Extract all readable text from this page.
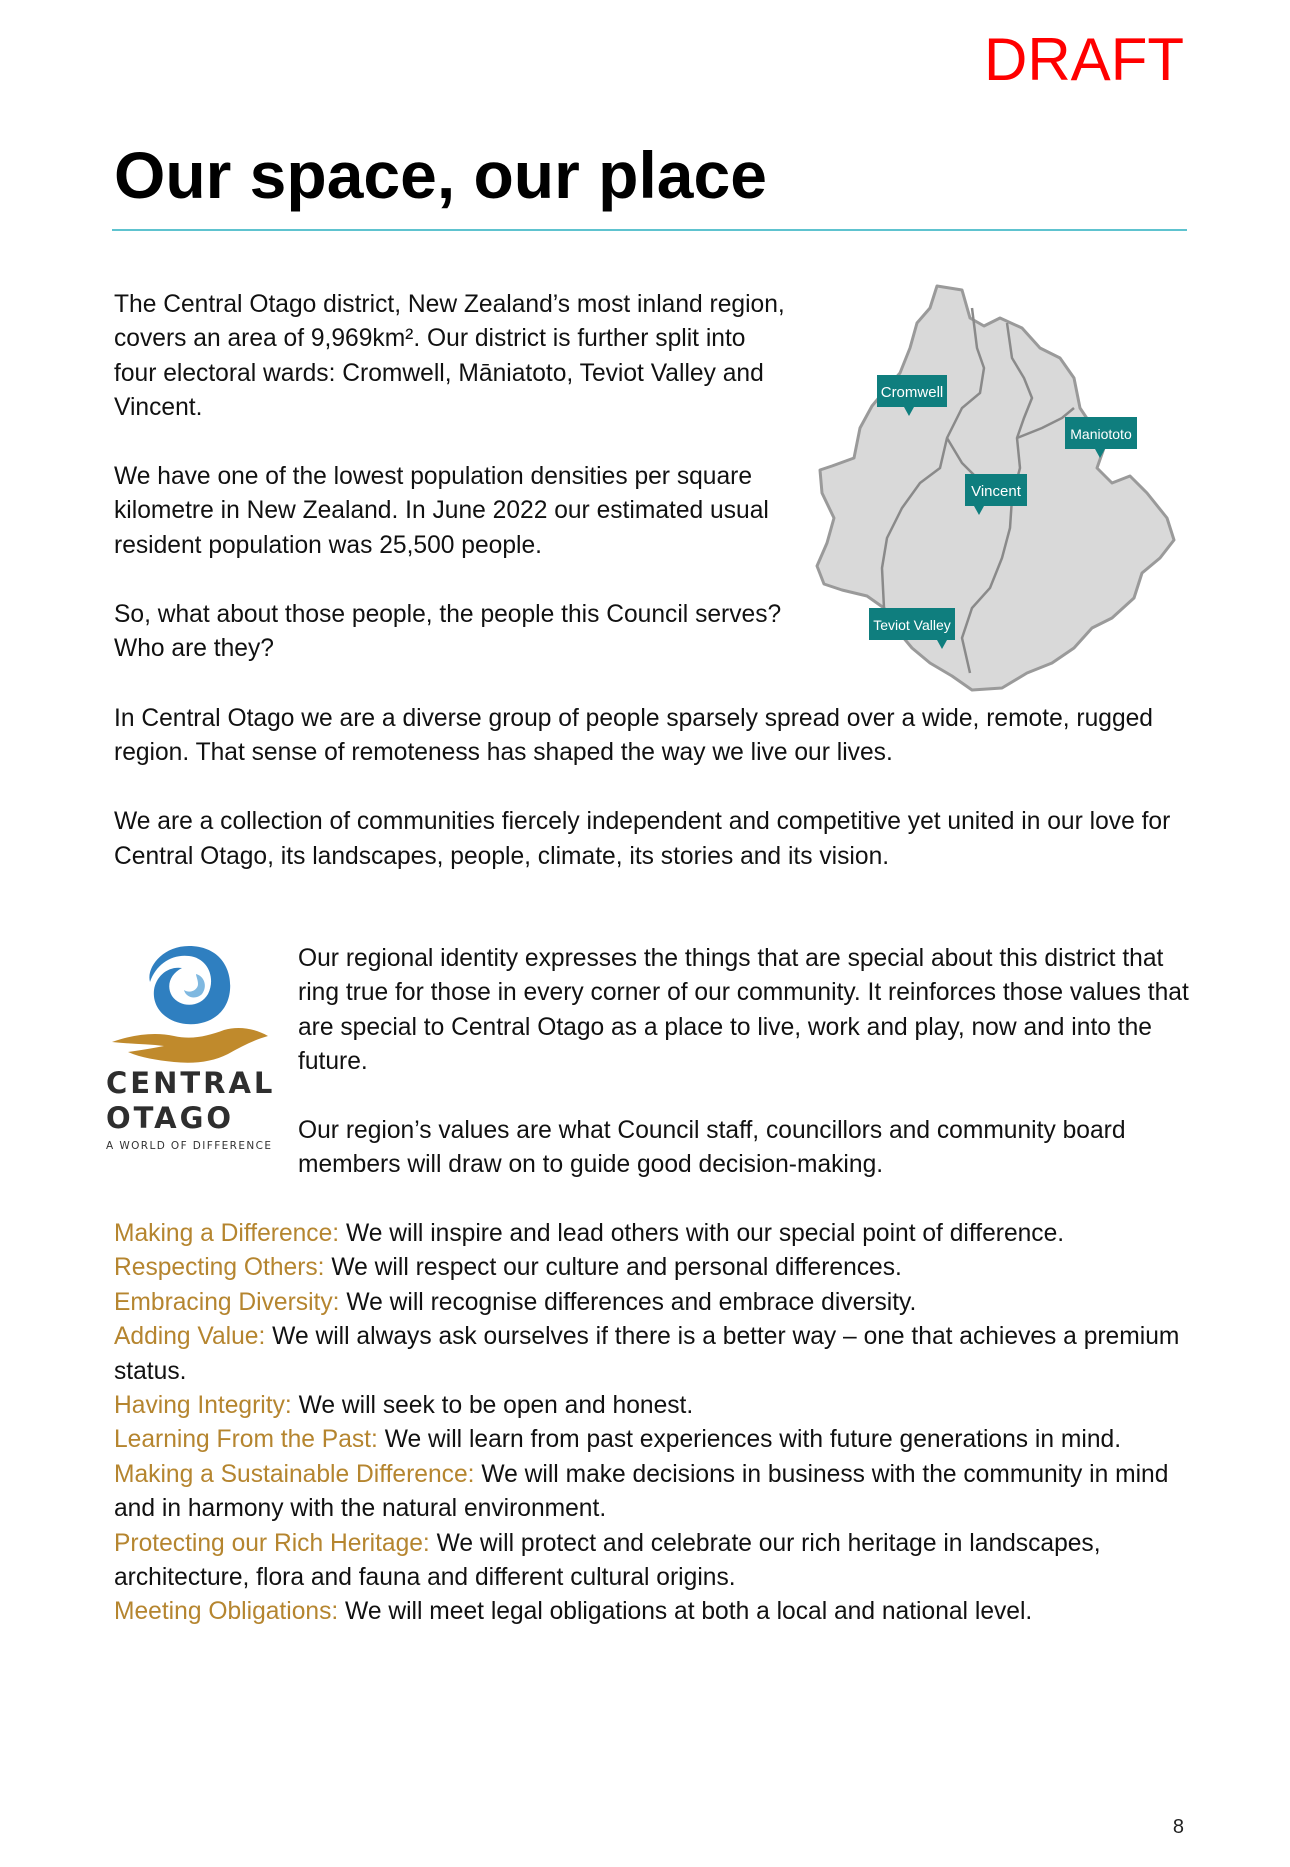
DRAFT
Our space, our place

The Central Otago district, New Zealand’s most inland region, covers an area of 9,969km². Our district is further split into four electoral wards: Cromwell, Māniatoto, Teviot Valley and Vincent.

We have one of the lowest population densities per square kilometre in New Zealand. In June 2022 our estimated usual resident population was 25,500 people.

So, what about those people, the people this Council serves? Who are they?

Cromwell
Maniototo
Vincent
Teviot Valley

In Central Otago we are a diverse group of people sparsely spread over a wide, remote, rugged region. That sense of remoteness has shaped the way we live our lives.

We are a collection of communities fiercely independent and competitive yet united in our love for Central Otago, its landscapes, people, climate, its stories and its vision.

CENTRAL
OTAGO
A WORLD OF DIFFERENCE

Our regional identity expresses the things that are special about this district that ring true for those in every corner of our community. It reinforces those values that are special to Central Otago as a place to live, work and play, now and into the future.

Our region’s values are what Council staff, councillors and community board members will draw on to guide good decision-making.

Making a Difference: We will inspire and lead others with our special point of difference.

Respecting Others: We will respect our culture and personal differences.

Embracing Diversity: We will recognise differences and embrace diversity.

Adding Value: We will always ask ourselves if there is a better way – one that achieves a premium status.

Having Integrity: We will seek to be open and honest.

Learning From the Past: We will learn from past experiences with future generations in mind.

Making a Sustainable Difference: We will make decisions in business with the community in mind and in harmony with the natural environment.

Protecting our Rich Heritage: We will protect and celebrate our rich heritage in landscapes, architecture, flora and fauna and different cultural origins.

Meeting Obligations: We will meet legal obligations at both a local and national level.

8
